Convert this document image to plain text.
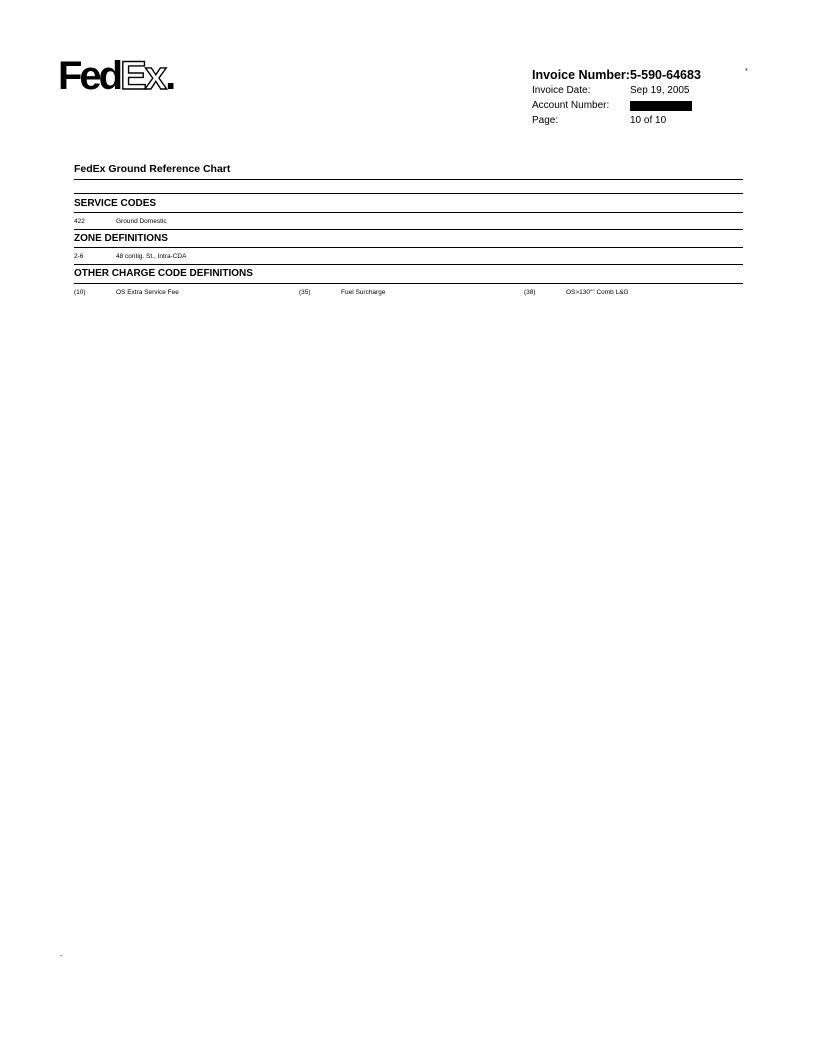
Fed Ex .	Invoice Number: 5-590-64683
Invoice Date:	Sep 19, 2005
Account Number:
Page:	10 of 10
*
-
FedEx Ground Reference Chart
SERVICE CODES
422	Ground Domestic
ZONE DEFINITIONS
2-6	48 contig. St., Intra-CDA
OTHER CHARGE CODE DEFINITIONS
(10)	OS Extra Service Fee	(35)	Fuel Surcharge	(38)	OS>130"" Comb L&G
